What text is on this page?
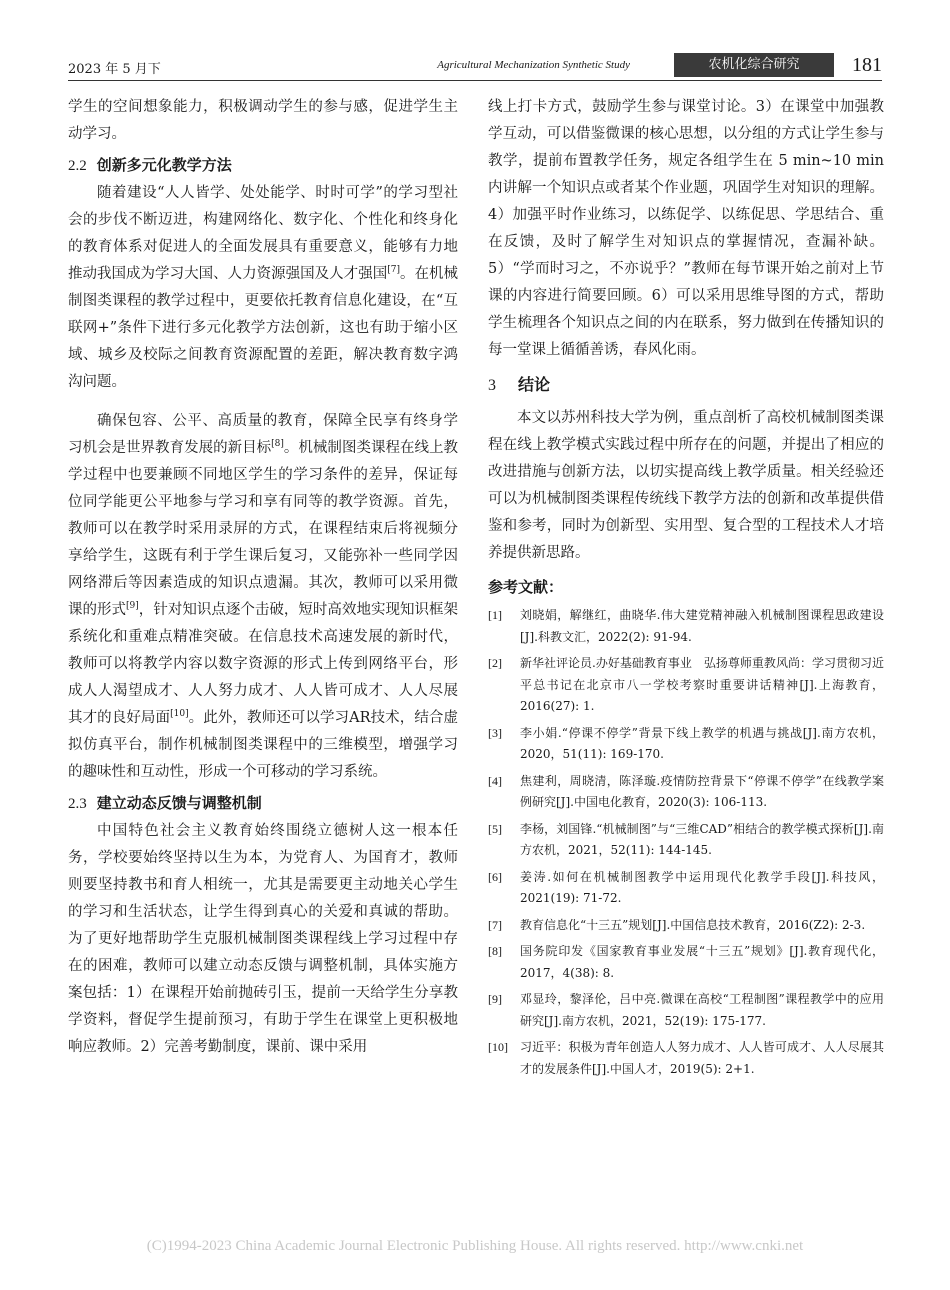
2023 年 5 月下	Agricultural Mechanization Synthetic Study	农机化综合研究	181

学生的空间想象能力，积极调动学生的参与感，促进学生主动学习。

2.2 创新多元化教学方法

随着建设“人人皆学、处处能学、时时可学”的学习型社会的步伐不断迈进，构建网络化、数字化、个性化和终身化的教育体系对促进人的全面发展具有重要意义，能够有力地推动我国成为学习大国、人力资源强国及人才强国[7]。在机械制图类课程的教学过程中，更要依托教育信息化建设，在“互联网+”条件下进行多元化教学方法创新，这也有助于缩小区域、城乡及校际之间教育资源配置的差距，解决教育数字鸿沟问题。

确保包容、公平、高质量的教育，保障全民享有终身学习机会是世界教育发展的新目标[8]。机械制图类课程在线上教学过程中也要兼顾不同地区学生的学习条件的差异，保证每位同学能更公平地参与学习和享有同等的教学资源。首先，教师可以在教学时采用录屏的方式，在课程结束后将视频分享给学生，这既有利于学生课后复习，又能弥补一些同学因网络滞后等因素造成的知识点遗漏。其次，教师可以采用微课的形式[9]，针对知识点逐个击破，短时高效地实现知识框架系统化和重难点精准突破。在信息技术高速发展的新时代，教师可以将教学内容以数字资源的形式上传到网络平台，形成人人渴望成才、人人努力成才、人人皆可成才、人人尽展其才的良好局面[10]。此外，教师还可以学习AR技术，结合虚拟仿真平台，制作机械制图类课程中的三维模型，增强学习的趣味性和互动性，形成一个可移动的学习系统。

2.3 建立动态反馈与调整机制

中国特色社会主义教育始终围绕立德树人这一根本任务，学校要始终坚持以生为本，为党育人、为国育才，教师则要坚持教书和育人相统一，尤其是需要更主动地关心学生的学习和生活状态，让学生得到真心的关爱和真诚的帮助。为了更好地帮助学生克服机械制图类课程线上学习过程中存在的困难，教师可以建立动态反馈与调整机制，具体实施方案包括：1）在课程开始前抛砖引玉，提前一天给学生分享教学资料，督促学生提前预习，有助于学生在课堂上更积极地响应教师。2）完善考勤制度，课前、课中采用

线上打卡方式，鼓励学生参与课堂讨论。3）在课堂中加强教学互动，可以借鉴微课的核心思想，以分组的方式让学生参与教学，提前布置教学任务，规定各组学生在 5 min~10 min 内讲解一个知识点或者某个作业题，巩固学生对知识的理解。4）加强平时作业练习，以练促学、以练促思、学思结合、重在反馈，及时了解学生对知识点的掌握情况，查漏补缺。5）“学而时习之，不亦说乎？”教师在每节课开始之前对上节课的内容进行简要回顾。6）可以采用思维导图的方式，帮助学生梳理各个知识点之间的内在联系，努力做到在传播知识的每一堂课上循循善诱，春风化雨。

3 结论

本文以苏州科技大学为例，重点剖析了高校机械制图类课程在线上教学模式实践过程中所存在的问题，并提出了相应的改进措施与创新方法，以切实提高线上教学质量。相关经验还可以为机械制图类课程传统线下教学方法的创新和改革提供借鉴和参考，同时为创新型、实用型、复合型的工程技术人才培养提供新思路。

参考文献：
[1] 刘晓娟，解继红，曲晓华.伟大建党精神融入机械制图课程思政建设[J].科教文汇，2022(2): 91-94.
[2] 新华社评论员.办好基础教育事业　弘扬尊师重教风尚：学习贯彻习近平总书记在北京市八一学校考察时重要讲话精神[J].上海教育，2016(27): 1.
[3] 李小娟.“停课不停学”背景下线上教学的机遇与挑战[J].南方农机，2020，51(11): 169-170.
[4] 焦建利，周晓清，陈泽璇.疫情防控背景下“停课不停学”在线教学案例研究[J].中国电化教育，2020(3): 106-113.
[5] 李杨，刘国锋.“机械制图”与“三维CAD”相结合的教学模式探析[J].南方农机，2021，52(11): 144-145.
[6] 姜涛.如何在机械制图教学中运用现代化教学手段[J].科技风，2021(19): 71-72.
[7] 教育信息化“十三五”规划[J].中国信息技术教育，2016(Z2): 2-3.
[8] 国务院印发《国家教育事业发展“十三五”规划》[J].教育现代化，2017，4(38): 8.
[9] 邓显玲，黎泽伦，吕中亮.微课在高校“工程制图”课程教学中的应用研究[J].南方农机，2021，52(19): 175-177.
[10] 习近平：积极为青年创造人人努力成才、人人皆可成才、人人尽展其才的发展条件[J].中国人才，2019(5): 2+1.
(C)1994-2023 China Academic Journal Electronic Publishing House. All rights reserved. http://www.cnki.net
